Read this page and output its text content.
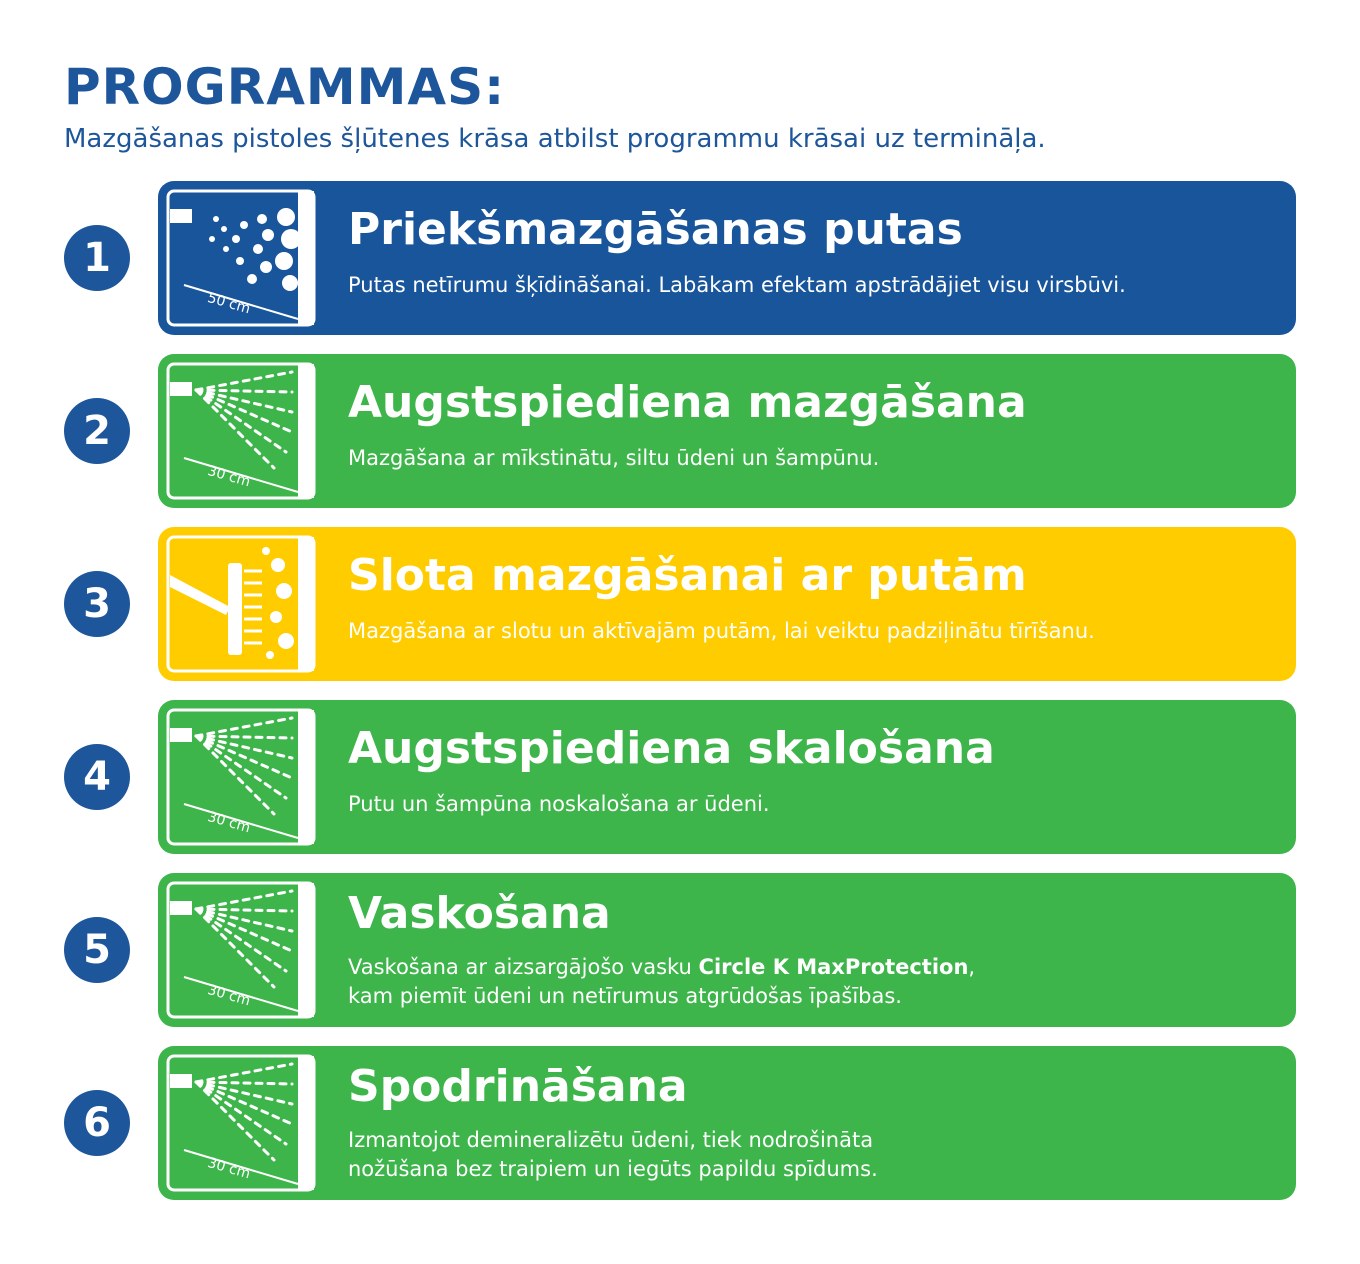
PROGRAMMAS:
Mazgāšanas pistoles šļūtenes krāsa atbilst programmu krāsai uz termināļa.
1
50 cm
Priekšmazgāšanas putas
Putas netīrumu šķīdināšanai. Labākam efektam apstrādājiet visu virsbūvi.
2
30 cm
Augstspiediena mazgāšana
Mazgāšana ar mīkstinātu, siltu ūdeni un šampūnu.
3
Slota mazgāšanai ar putām
Mazgāšana ar slotu un aktīvajām putām, lai veiktu padziļinātu tīrīšanu.
4
30 cm
Augstspiediena skalošana
Putu un šampūna noskalošana ar ūdeni.
5
30 cm
Vaskošana
Vaskošana ar aizsargājošo vasku Circle K MaxProtection,
kam piemīt ūdeni un netīrumus atgrūdošas īpašības.
6
30 cm
Spodrināšana
Izmantojot demineralizētu ūdeni, tiek nodrošināta
nožūšana bez traipiem un iegūts papildu spīdums.
